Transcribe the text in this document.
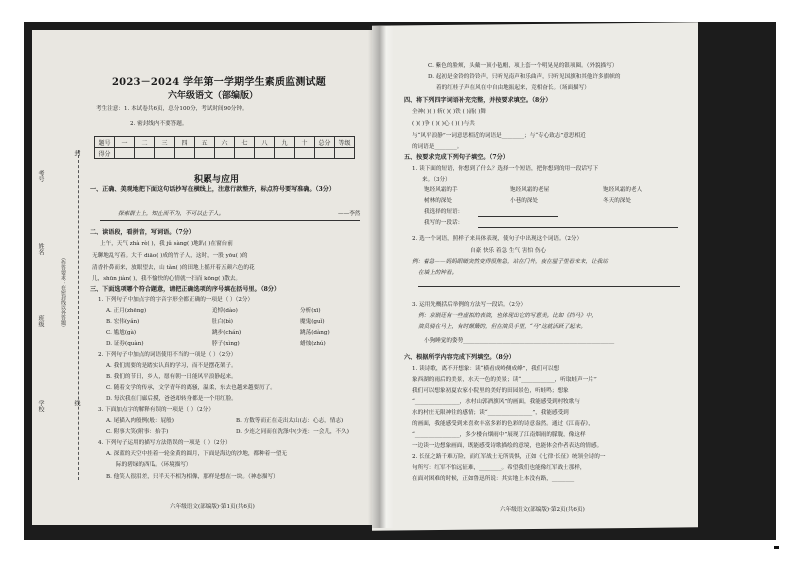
2023－2024 学年第一学期学生素质监测试题
六年级语文（部编版）
考生注意：1. 本试卷共6页，总分100分，考试时间90分钟。
2. 密封线内不要答题。
题号	一	二	三	四	五	六	七	八	九	十	总分	等级
得分												
学校
班级
姓名
考号
（作答要求：在密封线以外答题）
封
线
积累与应用
一、正确、美观地把下面这句话抄写在横线上，注意行款整齐，标点符号要写准确。（3分）
探索群土上，知止而不为，不可以止于人。	——李然
二、读语段，看拼音，写词语。（7分）
上午，天气 zhà rè( )，我 jǔ sàng( )地趴( )在窗台前
无聊地乱写着。大千 diāo( )成的竹子人，这时，一股 yōu( )的
清香扑鼻而来，放眼望去，山 tǎn( )的田地上摇开着五颜六色的花
儿，shūn jiàn( )，我不愉快的心情就一扫而 kōng( )散去。
三、下面选项哪个符合题意，请把正确选项的序号填在括号里。（8分）
1. 下列句子中加点字的字音字形全都正确的一项是（ ）（2分）
A. 正月(zhēng)	追悼(dào)	分析(xī)
B. 宏伟(yǎn)	肚白(bì)	魔鬼(guǐ)
C. 尴尬(gà)	跳步(chán)	跳荡(dàng)
D. 证券(quàn)	脖子(xìng)	蜡烛(zhú)
2. 下列句子中加点的词语使用不当的一项是（ ）（2分）
A. 我们需要的是踏实认真的学习，而不是摆花架子。
B. 我们的节日，乡人，愿有朝一日能风平浪静起来。
C. 随着文学的传承，文学青年的离骚，温柔，东去也越来越要厉了。
D. 每次我在门廊后摸，爸爸却转身都是一个用红脸。
3. 下面加点字的解释有误的一项是（ ）（2分）
A. 尾猫入肉般例(般：屁般)	B. 方数等而正在走出太山(志：心志，情志)
C. 附事大笑(附事：抬手)	D. 少连之同而在洗涤中(少连：一会儿，不久)
4. 下列句子运用的描写方法错误的一项是（ ）（2分）
A. 深蓝的天空中挂着一轮金黄的圆月，下面是海边的沙地，都种着一望无
际的碧绿的西瓜。（环境描写）
B. 他笑人很泪差，只半天不相为相像，那样是想在一块。（神态描写）
六年级语文(部编版)·第1页(共6页)
C. 紫色的脸颊，头戴一顶小毡帽，项上套一个明晃晃的银项圈。（外貌描写）
D. 起初是金铃的铃铃声，只听见南声和乐曲声，只听见国旗和其他许多旗帜的
着的红桂子声在风在中自由地振起来，竞相奋长。（场面描写）
四、将下列四字词语补充完整，并按要求填空。（8分）
全神( )( ) 斩( )( )铁 ( )涌( )舞
( )( )争 ( )( )心 ( )( )与共
与“风平浪静”一词意思相近的词语是________；与“专心致志”意思相近
的词语是________。
五、按要求完成下列句子填空。（7分）
1. 读下面的短语，你想到了什么？选择一个短语，把你想到的用一段话写下
来。（3分）
饱经风霜的手	饱经风霜的老屋	饱经风霜的老人
树林的深处	小巷的深处	冬天的深处
我选择的短语：
我写的一段话：
2. 选一个词语，照样子来具体表现，使句子中出现这个词语。（2分）
自豪 快乐 着急 生气 害怕 伤心
例：着急——妈妈眼睛突然变得很焦急，站在门外，夜在屋子里看来来，让我站
在墙上的钟看。
3. 运用先概括后举例的方法写一段话。（2分）
例：京剧还有一些虚拟的表演，也体现出它的写意美。比如《挡马》中，
演员骑在马上，有时颠簸的，但在演员手里，“马”这就活跃了起来。
小狗睡觉的姿势______________________________________________________
六、根据所学内容完成下列填空。（8分）
1. 读诗歌，离不开想象：读“横看成岭侧成峰”，我们可以想
象西湖的雨后的美景，水天一色的美景；读“____________，听取蛙声一片”
我们可以想象初夏农家小院里的美好的田园景色，听蛙鸣；想象
“________________，水村山郭酒旗风”的画面，我能感受到村牧歌与
水的村庄无限神往的感情；读“________________”，我能感受到
的画面，我能感受到来喜欢丰富多彩的色彩的诗意盎然。通过《江南春》，
“________________，多少楼台烟雨中”展现了江南烟雨的朦胧，像这样
一边读一边想象画面，既能感受诗歌描绘的意境，也能体会作者表达的情感。
2. 长征之路千难万险，而红军战士无所畏惧，正如《七律·长征》统领全诗的一
句所写：红军不怕远征难，________。希望我们也能像红军战士那样，
在面对困难的时候，正如鲁迅所说：其实地上本没有路，________
六年级语文(部编版)·第2页(共6页)
